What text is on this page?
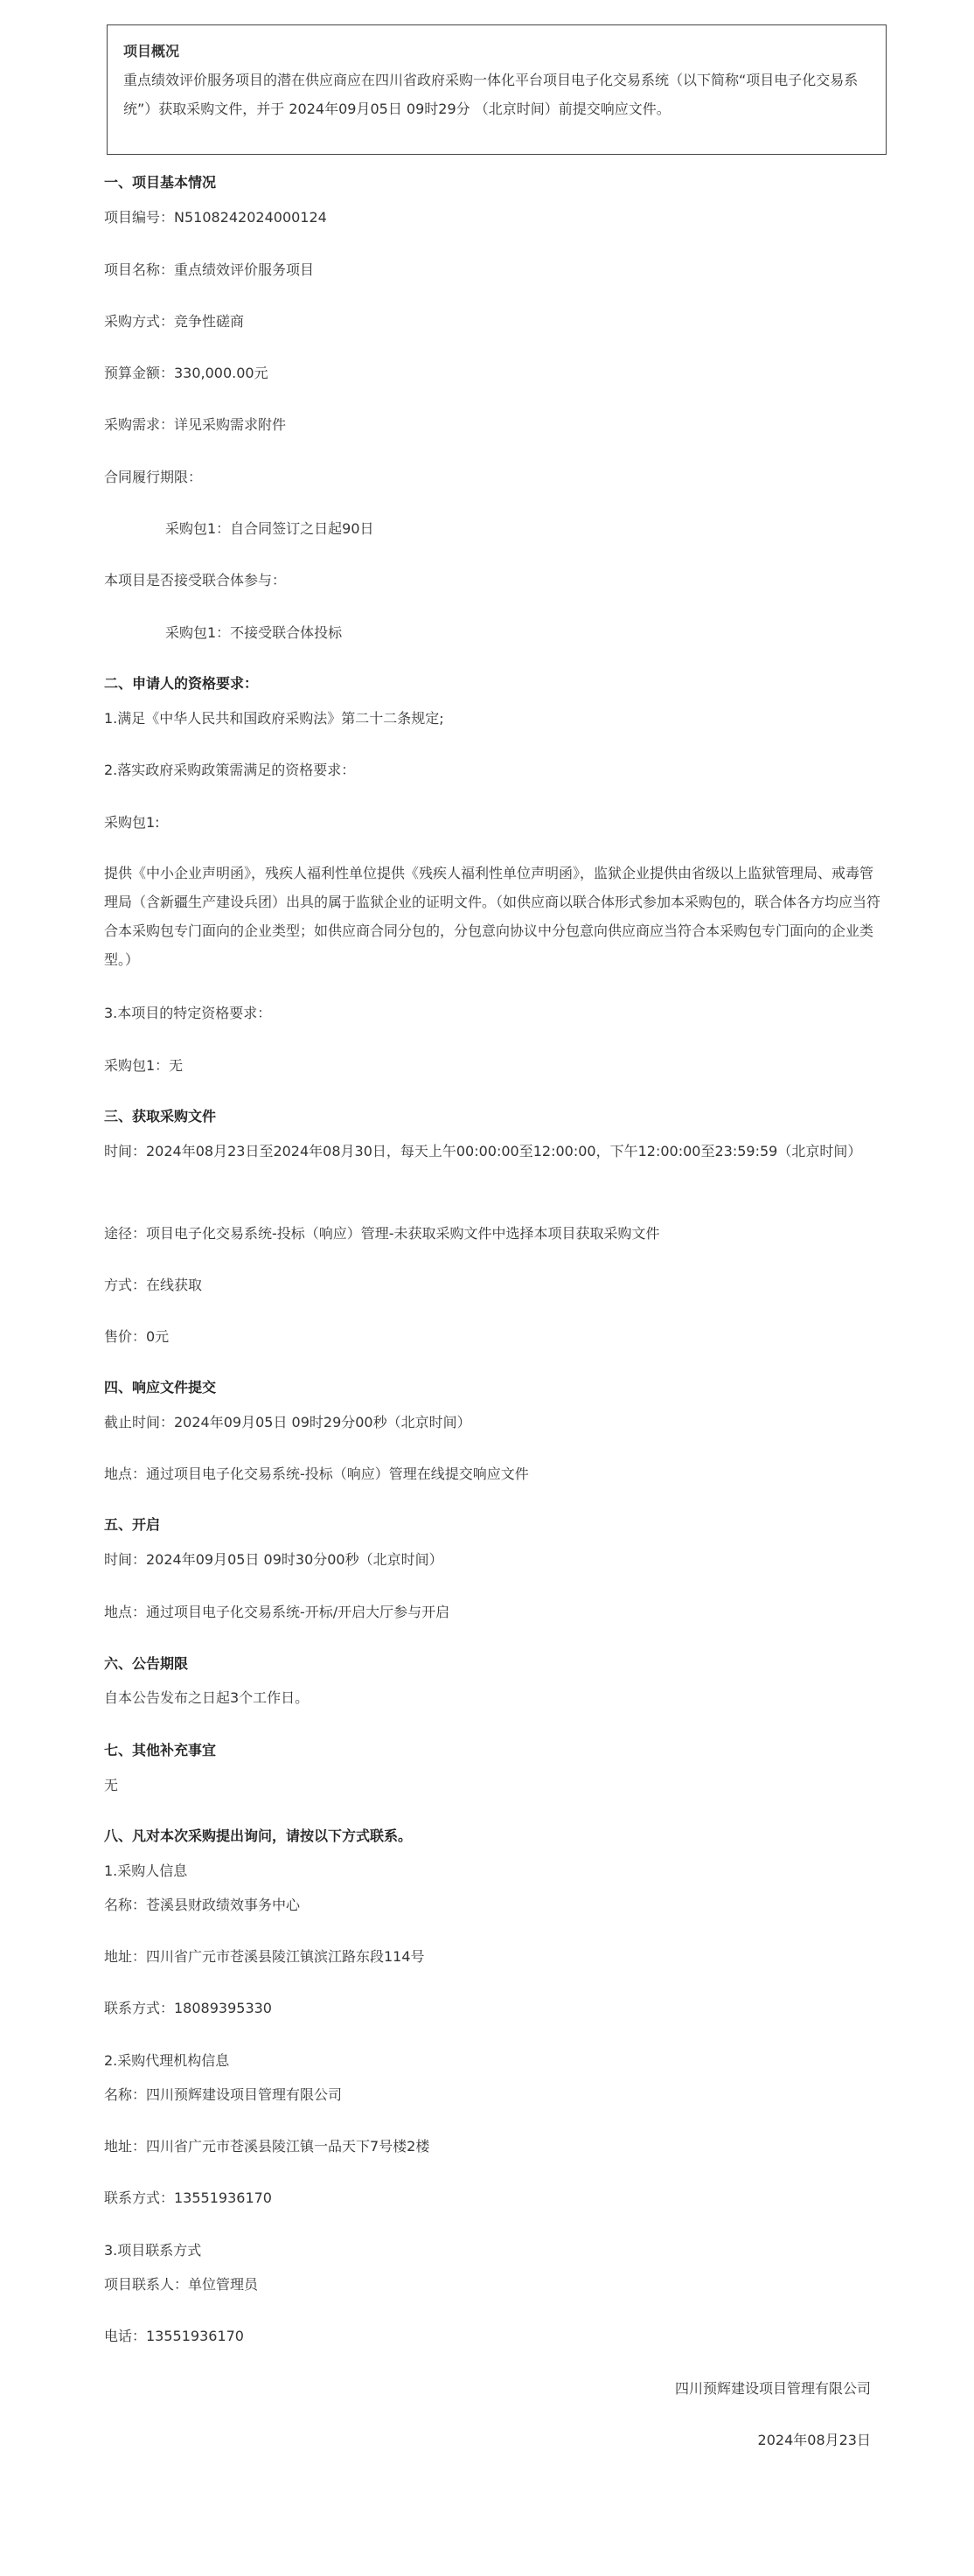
项目概况

重点绩效评价服务项目的潜在供应商应在四川省政府采购一体化平台项目电子化交易系统（以下简称“项目电子化交易系统”）获取采购文件，并于 2024年09月05日 09时29分 （北京时间）前提交响应文件。

一、项目基本情况
项目编号：N5108242024000124
项目名称：重点绩效评价服务项目
采购方式：竞争性磋商
预算金额：330,000.00元
采购需求：详见采购需求附件
合同履行期限：
采购包1：自合同签订之日起90日
本项目是否接受联合体参与：
采购包1：不接受联合体投标
二、申请人的资格要求：
1.满足《中华人民共和国政府采购法》第二十二条规定;
2.落实政府采购政策需满足的资格要求：
采购包1:
提供《中小企业声明函》，残疾人福利性单位提供《残疾人福利性单位声明函》，监狱企业提供由省级以上监狱管理局、戒毒管理局（含新疆生产建设兵团）出具的属于监狱企业的证明文件。（如供应商以联合体形式参加本采购包的，联合体各方均应当符合本采购包专门面向的企业类型；如供应商合同分包的，分包意向协议中分包意向供应商应当符合本采购包专门面向的企业类型。）
3.本项目的特定资格要求：
采购包1：无
三、获取采购文件
时间：2024年08月23日至2024年08月30日，每天上午00:00:00至12:00:00，下午12:00:00至23:59:59（北京时间）
途径：项目电子化交易系统-投标（响应）管理-未获取采购文件中选择本项目获取采购文件
方式：在线获取
售价：0元
四、响应文件提交
截止时间：2024年09月05日 09时29分00秒（北京时间）
地点：通过项目电子化交易系统-投标（响应）管理在线提交响应文件
五、开启
时间：2024年09月05日 09时30分00秒（北京时间）
地点：通过项目电子化交易系统-开标/开启大厅参与开启
六、公告期限
自本公告发布之日起3个工作日。
七、其他补充事宜
无
八、凡对本次采购提出询问，请按以下方式联系。
1.采购人信息
名称：苍溪县财政绩效事务中心
地址：四川省广元市苍溪县陵江镇滨江路东段114号
联系方式：18089395330
2.采购代理机构信息
名称：四川预辉建设项目管理有限公司
地址：四川省广元市苍溪县陵江镇一品天下7号楼2楼
联系方式：13551936170
3.项目联系方式
项目联系人：单位管理员
电话：13551936170
四川预辉建设项目管理有限公司
2024年08月23日
